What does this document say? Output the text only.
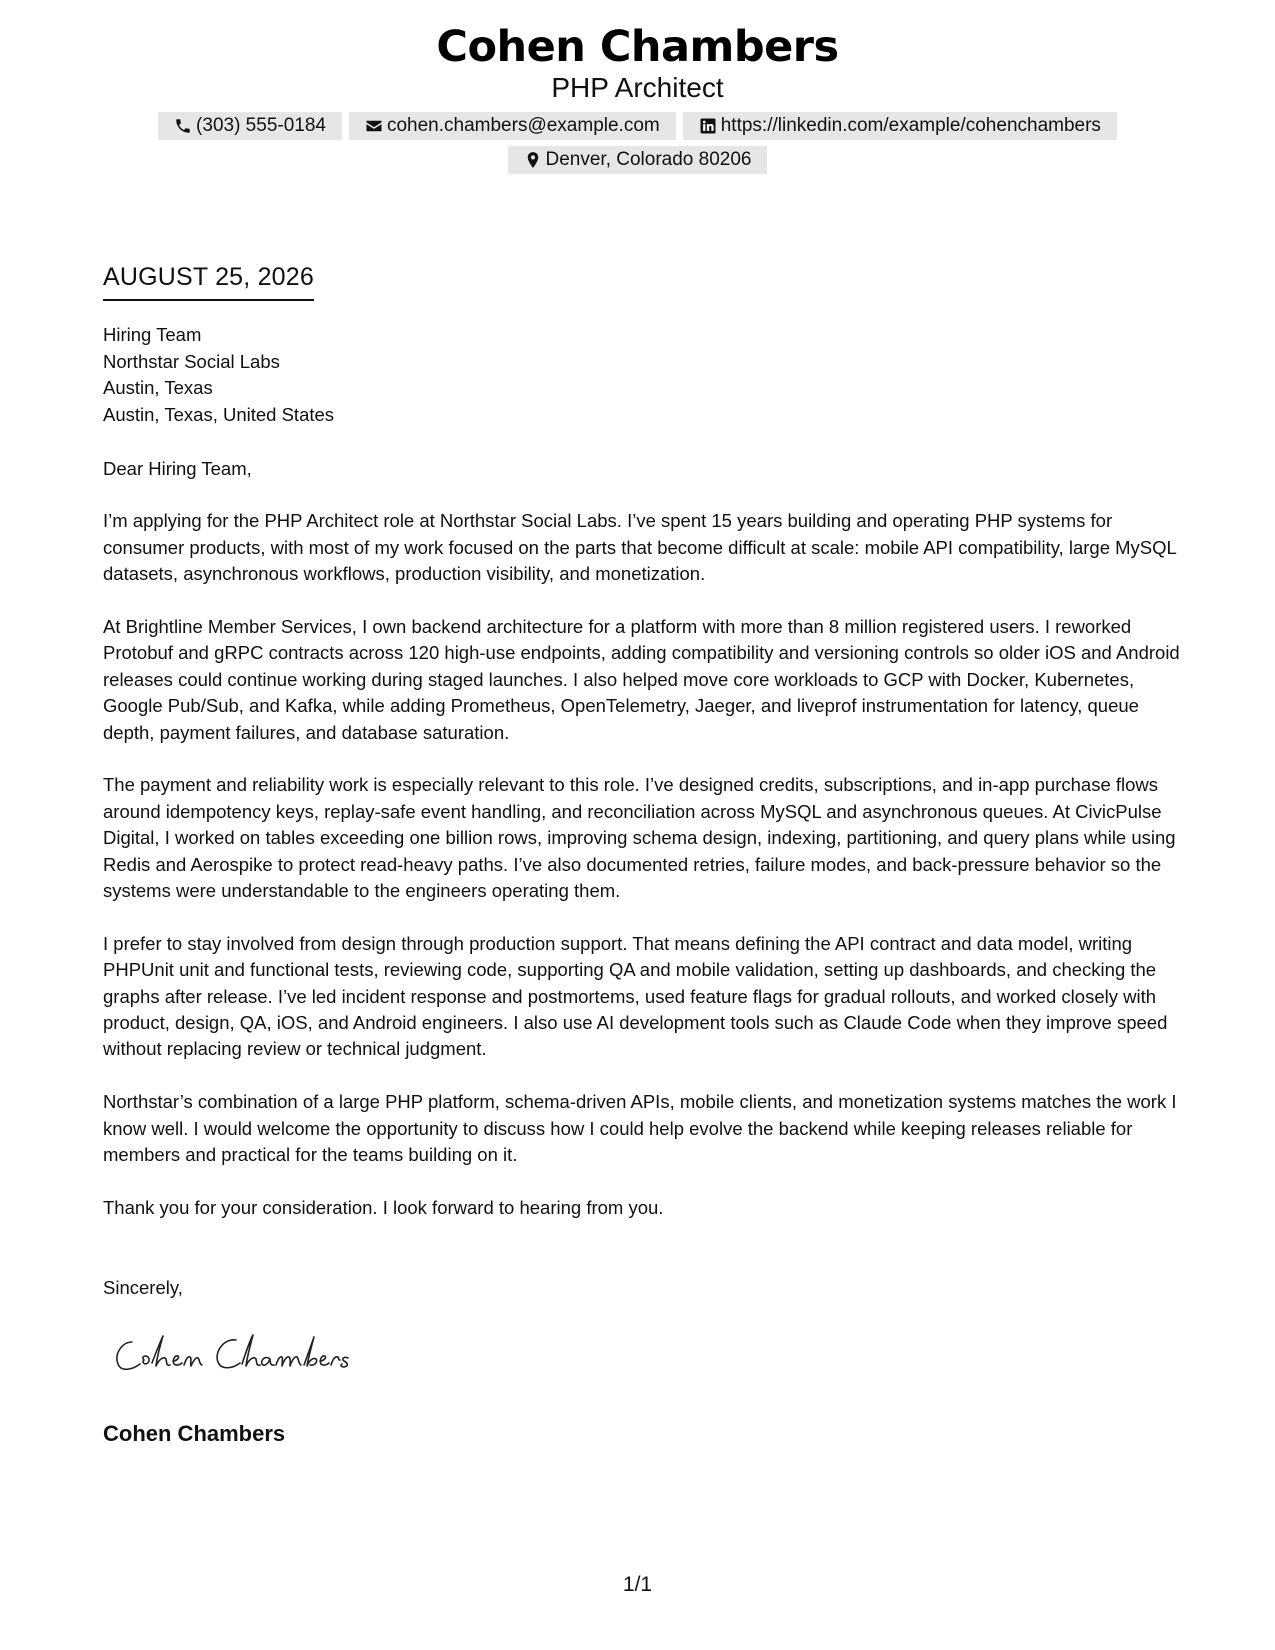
Cohen Chambers
PHP Architect
(303) 555-0184	cohen.chambers@example.com	https://linkedin.com/example/cohenchambers
Denver, Colorado 80206
AUGUST 25, 2026
Hiring Team
Northstar Social Labs
Austin, Texas
Austin, Texas, United States

Dear Hiring Team,

I’m applying for the PHP Architect role at Northstar Social Labs. I’ve spent 15 years building and operating PHP systems for consumer products, with most of my work focused on the parts that become difficult at scale: mobile API compatibility, large MySQL datasets, asynchronous workflows, production visibility, and monetization.

At Brightline Member Services, I own backend architecture for a platform with more than 8 million registered users. I reworked Protobuf and gRPC contracts across 120 high-use endpoints, adding compatibility and versioning controls so older iOS and Android releases could continue working during staged launches. I also helped move core workloads to GCP with Docker, Kubernetes, Google Pub/Sub, and Kafka, while adding Prometheus, OpenTelemetry, Jaeger, and liveprof instrumentation for latency, queue depth, payment failures, and database saturation.

The payment and reliability work is especially relevant to this role. I’ve designed credits, subscriptions, and in-app purchase flows around idempotency keys, replay-safe event handling, and reconciliation across MySQL and asynchronous queues. At CivicPulse Digital, I worked on tables exceeding one billion rows, improving schema design, indexing, partitioning, and query plans while using Redis and Aerospike to protect read-heavy paths. I’ve also documented retries, failure modes, and back-pressure behavior so the systems were understandable to the engineers operating them.

I prefer to stay involved from design through production support. That means defining the API contract and data model, writing PHPUnit unit and functional tests, reviewing code, supporting QA and mobile validation, setting up dashboards, and checking the graphs after release. I’ve led incident response and postmortems, used feature flags for gradual rollouts, and worked closely with product, design, QA, iOS, and Android engineers. I also use AI development tools such as Claude Code when they improve speed without replacing review or technical judgment.

Northstar’s combination of a large PHP platform, schema-driven APIs, mobile clients, and monetization systems matches the work I know well. I would welcome the opportunity to discuss how I could help evolve the backend while keeping releases reliable for members and practical for the teams building on it.

Thank you for your consideration. I look forward to hearing from you.

Sincerely,
Cohen Chambers
1/1
